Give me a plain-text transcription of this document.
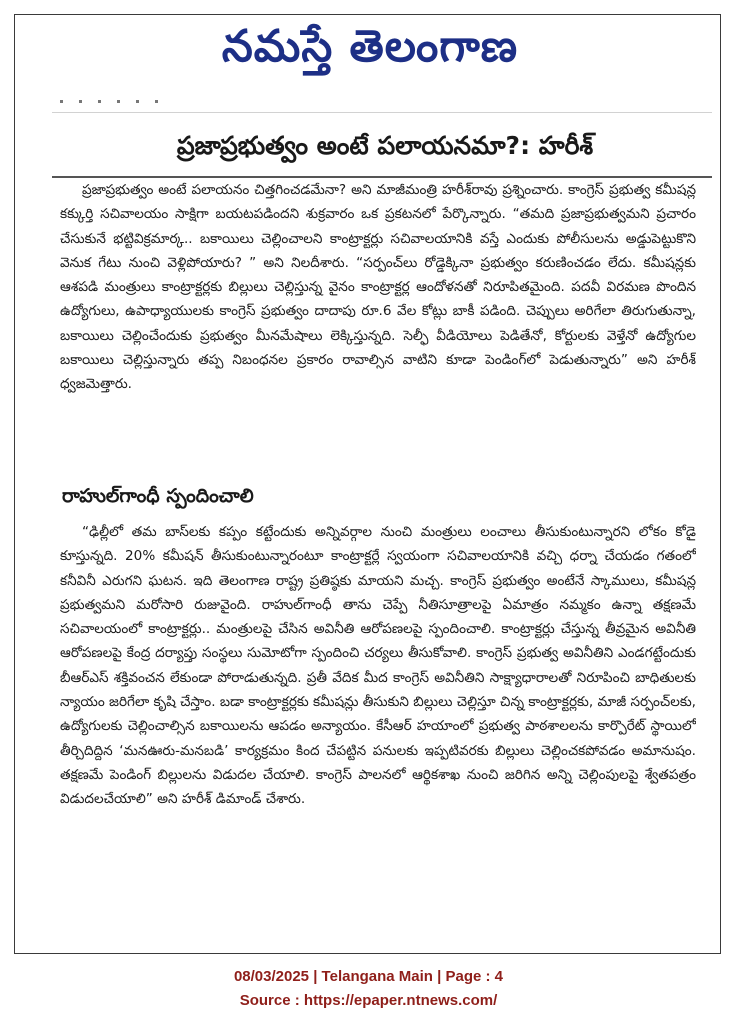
నమస్తే తెలంగాణ
ప్రజాప్రభుత్వం అంటే పలాయనమా?: హరీశ్

ప్రజాప్రభుత్వం అంటే పలాయనం చిత్తగించడమేనా? అని మాజీమంత్రి హరీశ్‌రావు ప్రశ్నించారు. కాంగ్రెస్ ప్రభుత్వ కమీషన్ల కక్కుర్తి సచివాలయం సాక్షిగా బయటపడిందని శుక్రవారం ఒక ప్రకటనలో పేర్కొన్నారు. “తమది ప్రజాప్రభుత్వమని ప్రచారం చేసుకునే భట్టివిక్రమార్క.. బకాయిలు చెల్లించాలని కాంట్రాక్టర్లు సచివాలయానికి వస్తే ఎందుకు పోలీసులను అడ్డుపెట్టుకొని వెనుక గేటు నుంచి వెళ్లిపోయారు? ” అని నిలదీశారు. “సర్పంచ్‌లు రోడ్డెక్కినా ప్రభుత్వం కరుణించడం లేదు. కమీషన్లకు ఆశపడి మంత్రులు కాంట్రాక్టర్లకు బిల్లులు చెల్లిస్తున్న వైనం కాంట్రాక్టర్ల ఆందోళనతో నిరూపితమైంది. పదవీ విరమణ పొందిన ఉద్యోగులు, ఉపాధ్యాయులకు కాంగ్రెస్ ప్రభుత్వం దాదాపు రూ.6 వేల కోట్లు బాకీ పడింది. చెప్పులు అరిగేలా తిరుగుతున్నా, బకాయిలు చెల్లించేందుకు ప్రభుత్వం మీనమేషాలు లెక్కిస్తున్నది. సెల్ఫీ వీడియోలు పెడితేనో, కోర్టులకు వెళ్తేనో ఉద్యోగుల బకాయిలు చెల్లిస్తున్నారు తప్ప నిబంధనల ప్రకారం రావాల్సిన వాటిని కూడా పెండింగ్‌లో పెడుతున్నారు” అని హరీశ్ ధ్వజమెత్తారు.

రాహుల్‌గాంధీ స్పందించాలి

“ఢిల్లీలో తమ బాస్‌లకు కప్పం కట్టేందుకు అన్నివర్గాల నుంచి మంత్రులు లంచాలు తీసుకుంటున్నారని లోకం కోడై కూస్తున్నది. 20% కమీషన్ తీసుకుంటున్నారంటూ కాంట్రాక్టర్లే స్వయంగా సచివాలయానికి వచ్చి ధర్నా చేయడం గతంలో కనీవినీ ఎరుగని ఘటన. ఇది తెలంగాణ రాష్ట్ర ప్రతిష్ఠకు మాయని మచ్చ. కాంగ్రెస్ ప్రభుత్వం అంటేనే స్కాములు, కమీషన్ల ప్రభుత్వమని మరోసారి రుజువైంది. రాహుల్‌గాంధీ తాను చెప్పే నీతిసూత్రాలపై ఏమాత్రం నమ్మకం ఉన్నా తక్షణమే సచివాలయంలో కాంట్రాక్టర్లు.. మంత్రులపై చేసిన అవినీతి ఆరోపణలపై స్పందించాలి. కాంట్రాక్టర్లు చేస్తున్న తీవ్రమైన అవినీతి ఆరోపణలపై కేంద్ర దర్యాప్తు సంస్థలు సుమోటోగా స్పందించి చర్యలు తీసుకోవాలి. కాంగ్రెస్ ప్రభుత్వ అవినీతిని ఎండగట్టేందుకు బీఆర్ఎస్ శక్తివంచన లేకుండా పోరాడుతున్నది. ప్రతీ వేదిక మీద కాంగ్రెస్ అవినీతిని సాక్ష్యాధారాలతో నిరూపించి బాధితులకు న్యాయం జరిగేలా కృషి చేస్తాం. బడా కాంట్రాక్టర్లకు కమీషన్లు తీసుకుని బిల్లులు చెల్లిస్తూ చిన్న కాంట్రాక్టర్లకు, మాజీ సర్పంచ్‌లకు, ఉద్యోగులకు చెల్లించాల్సిన బకాయిలను ఆపడం అన్యాయం. కేసీఆర్ హయాంలో ప్రభుత్వ పాఠశాలలను కార్పొరేట్ స్థాయిలో తీర్చిదిద్దిన ‘మనఊరు-మనబడి’ కార్యక్రమం కింద చేపట్టిన పనులకు ఇప్పటివరకు బిల్లులు చెల్లించకపోవడం అమానుషం. తక్షణమే పెండింగ్ బిల్లులను విడుదల చేయాలి. కాంగ్రెస్ పాలనలో ఆర్థికశాఖ నుంచి జరిగిన అన్ని చెల్లింపులపై శ్వేతపత్రం విడుదలచేయాలి” అని హరీశ్ డిమాండ్ చేశారు.

08/03/2025 | Telangana Main | Page : 4
Source : https://epaper.ntnews.com/
